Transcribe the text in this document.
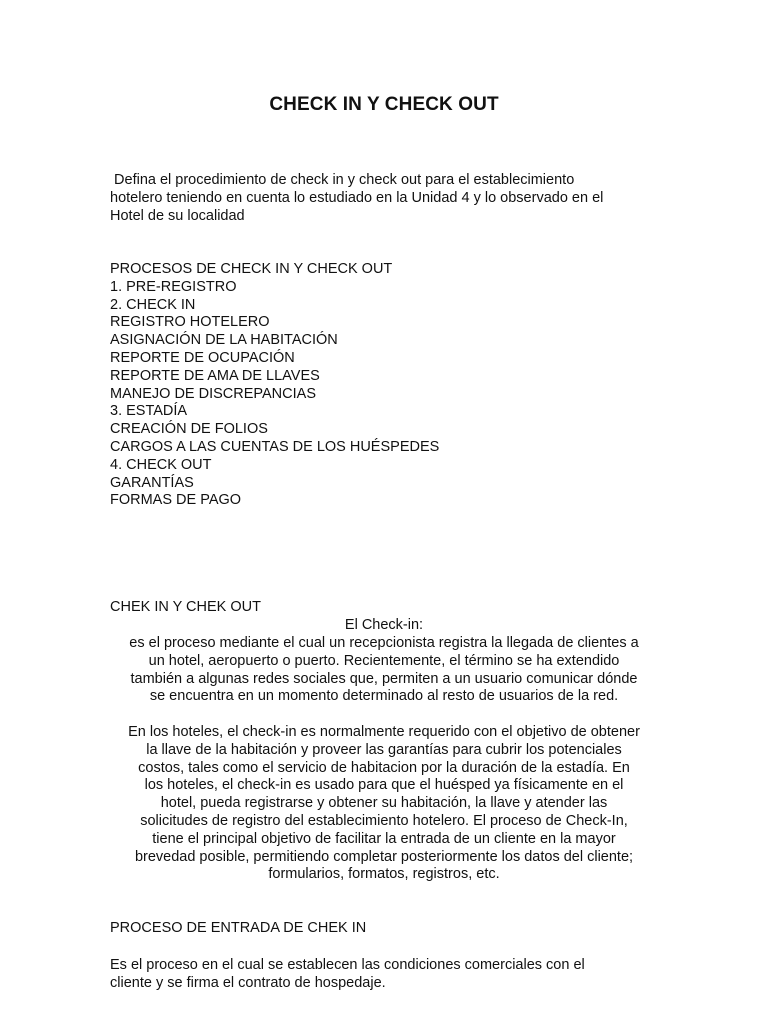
CHECK IN Y CHECK OUT
Defina el procedimiento de check in y check out para el establecimiento
hotelero teniendo en cuenta lo estudiado en la Unidad 4 y lo observado en el
Hotel de su localidad
PROCESOS DE CHECK IN Y CHECK OUT
1. PRE-REGISTRO
2. CHECK IN
REGISTRO HOTELERO
ASIGNACIÓN DE LA HABITACIÓN
REPORTE DE OCUPACIÓN
REPORTE DE AMA DE LLAVES
MANEJO DE DISCREPANCIAS
3. ESTADÍA
CREACIÓN DE FOLIOS
CARGOS A LAS CUENTAS DE LOS HUÉSPEDES
4. CHECK OUT
GARANTÍAS
FORMAS DE PAGO
CHEK IN Y CHEK OUT
El Check-in:
es el proceso mediante el cual un recepcionista registra la llegada de clientes a
un hotel, aeropuerto o puerto. Recientemente, el término se ha extendido
también a algunas redes sociales que, permiten a un usuario comunicar dónde
se encuentra en un momento determinado al resto de usuarios de la red.
En los hoteles, el check-in es normalmente requerido con el objetivo de obtener
la llave de la habitación y proveer las garantías para cubrir los potenciales
costos, tales como el servicio de habitacion por la duración de la estadía. En
los hoteles, el check-in es usado para que el huésped ya físicamente en el
hotel, pueda registrarse y obtener su habitación, la llave y atender las
solicitudes de registro del establecimiento hotelero. El proceso de Check-In,
tiene el principal objetivo de facilitar la entrada de un cliente en la mayor
brevedad posible, permitiendo completar posteriormente los datos del cliente;
formularios, formatos, registros, etc.
PROCESO DE ENTRADA DE CHEK IN
Es el proceso en el cual se establecen las condiciones comerciales con el
cliente y se firma el contrato de hospedaje.
